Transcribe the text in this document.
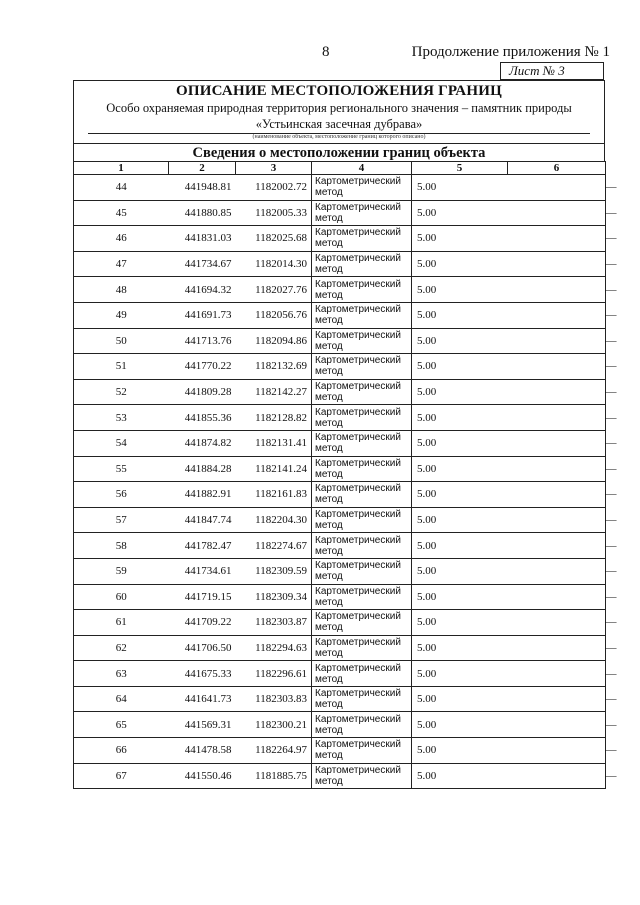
8	Продолжение приложения № 1
Лист № 3
ОПИСАНИЕ МЕСТОПОЛОЖЕНИЯ ГРАНИЦ
Особо охраняемая природная территория регионального значения – памятник природы
«Устьинская засечная дубрава»
(наименование объекта, местоположение границ которого описано)
Сведения о местоположении границ объекта
1	2	3	4	5	6
44	441948.81	1182002.72	Картометрический метод	5.00	—
45	441880.85	1182005.33	Картометрический метод	5.00	—
46	441831.03	1182025.68	Картометрический метод	5.00	—
47	441734.67	1182014.30	Картометрический метод	5.00	—
48	441694.32	1182027.76	Картометрический метод	5.00	—
49	441691.73	1182056.76	Картометрический метод	5.00	—
50	441713.76	1182094.86	Картометрический метод	5.00	—
51	441770.22	1182132.69	Картометрический метод	5.00	—
52	441809.28	1182142.27	Картометрический метод	5.00	—
53	441855.36	1182128.82	Картометрический метод	5.00	—
54	441874.82	1182131.41	Картометрический метод	5.00	—
55	441884.28	1182141.24	Картометрический метод	5.00	—
56	441882.91	1182161.83	Картометрический метод	5.00	—
57	441847.74	1182204.30	Картометрический метод	5.00	—
58	441782.47	1182274.67	Картометрический метод	5.00	—
59	441734.61	1182309.59	Картометрический метод	5.00	—
60	441719.15	1182309.34	Картометрический метод	5.00	—
61	441709.22	1182303.87	Картометрический метод	5.00	—
62	441706.50	1182294.63	Картометрический метод	5.00	—
63	441675.33	1182296.61	Картометрический метод	5.00	—
64	441641.73	1182303.83	Картометрический метод	5.00	—
65	441569.31	1182300.21	Картометрический метод	5.00	—
66	441478.58	1182264.97	Картометрический метод	5.00	—
67	441550.46	1181885.75	Картометрический метод	5.00	—
